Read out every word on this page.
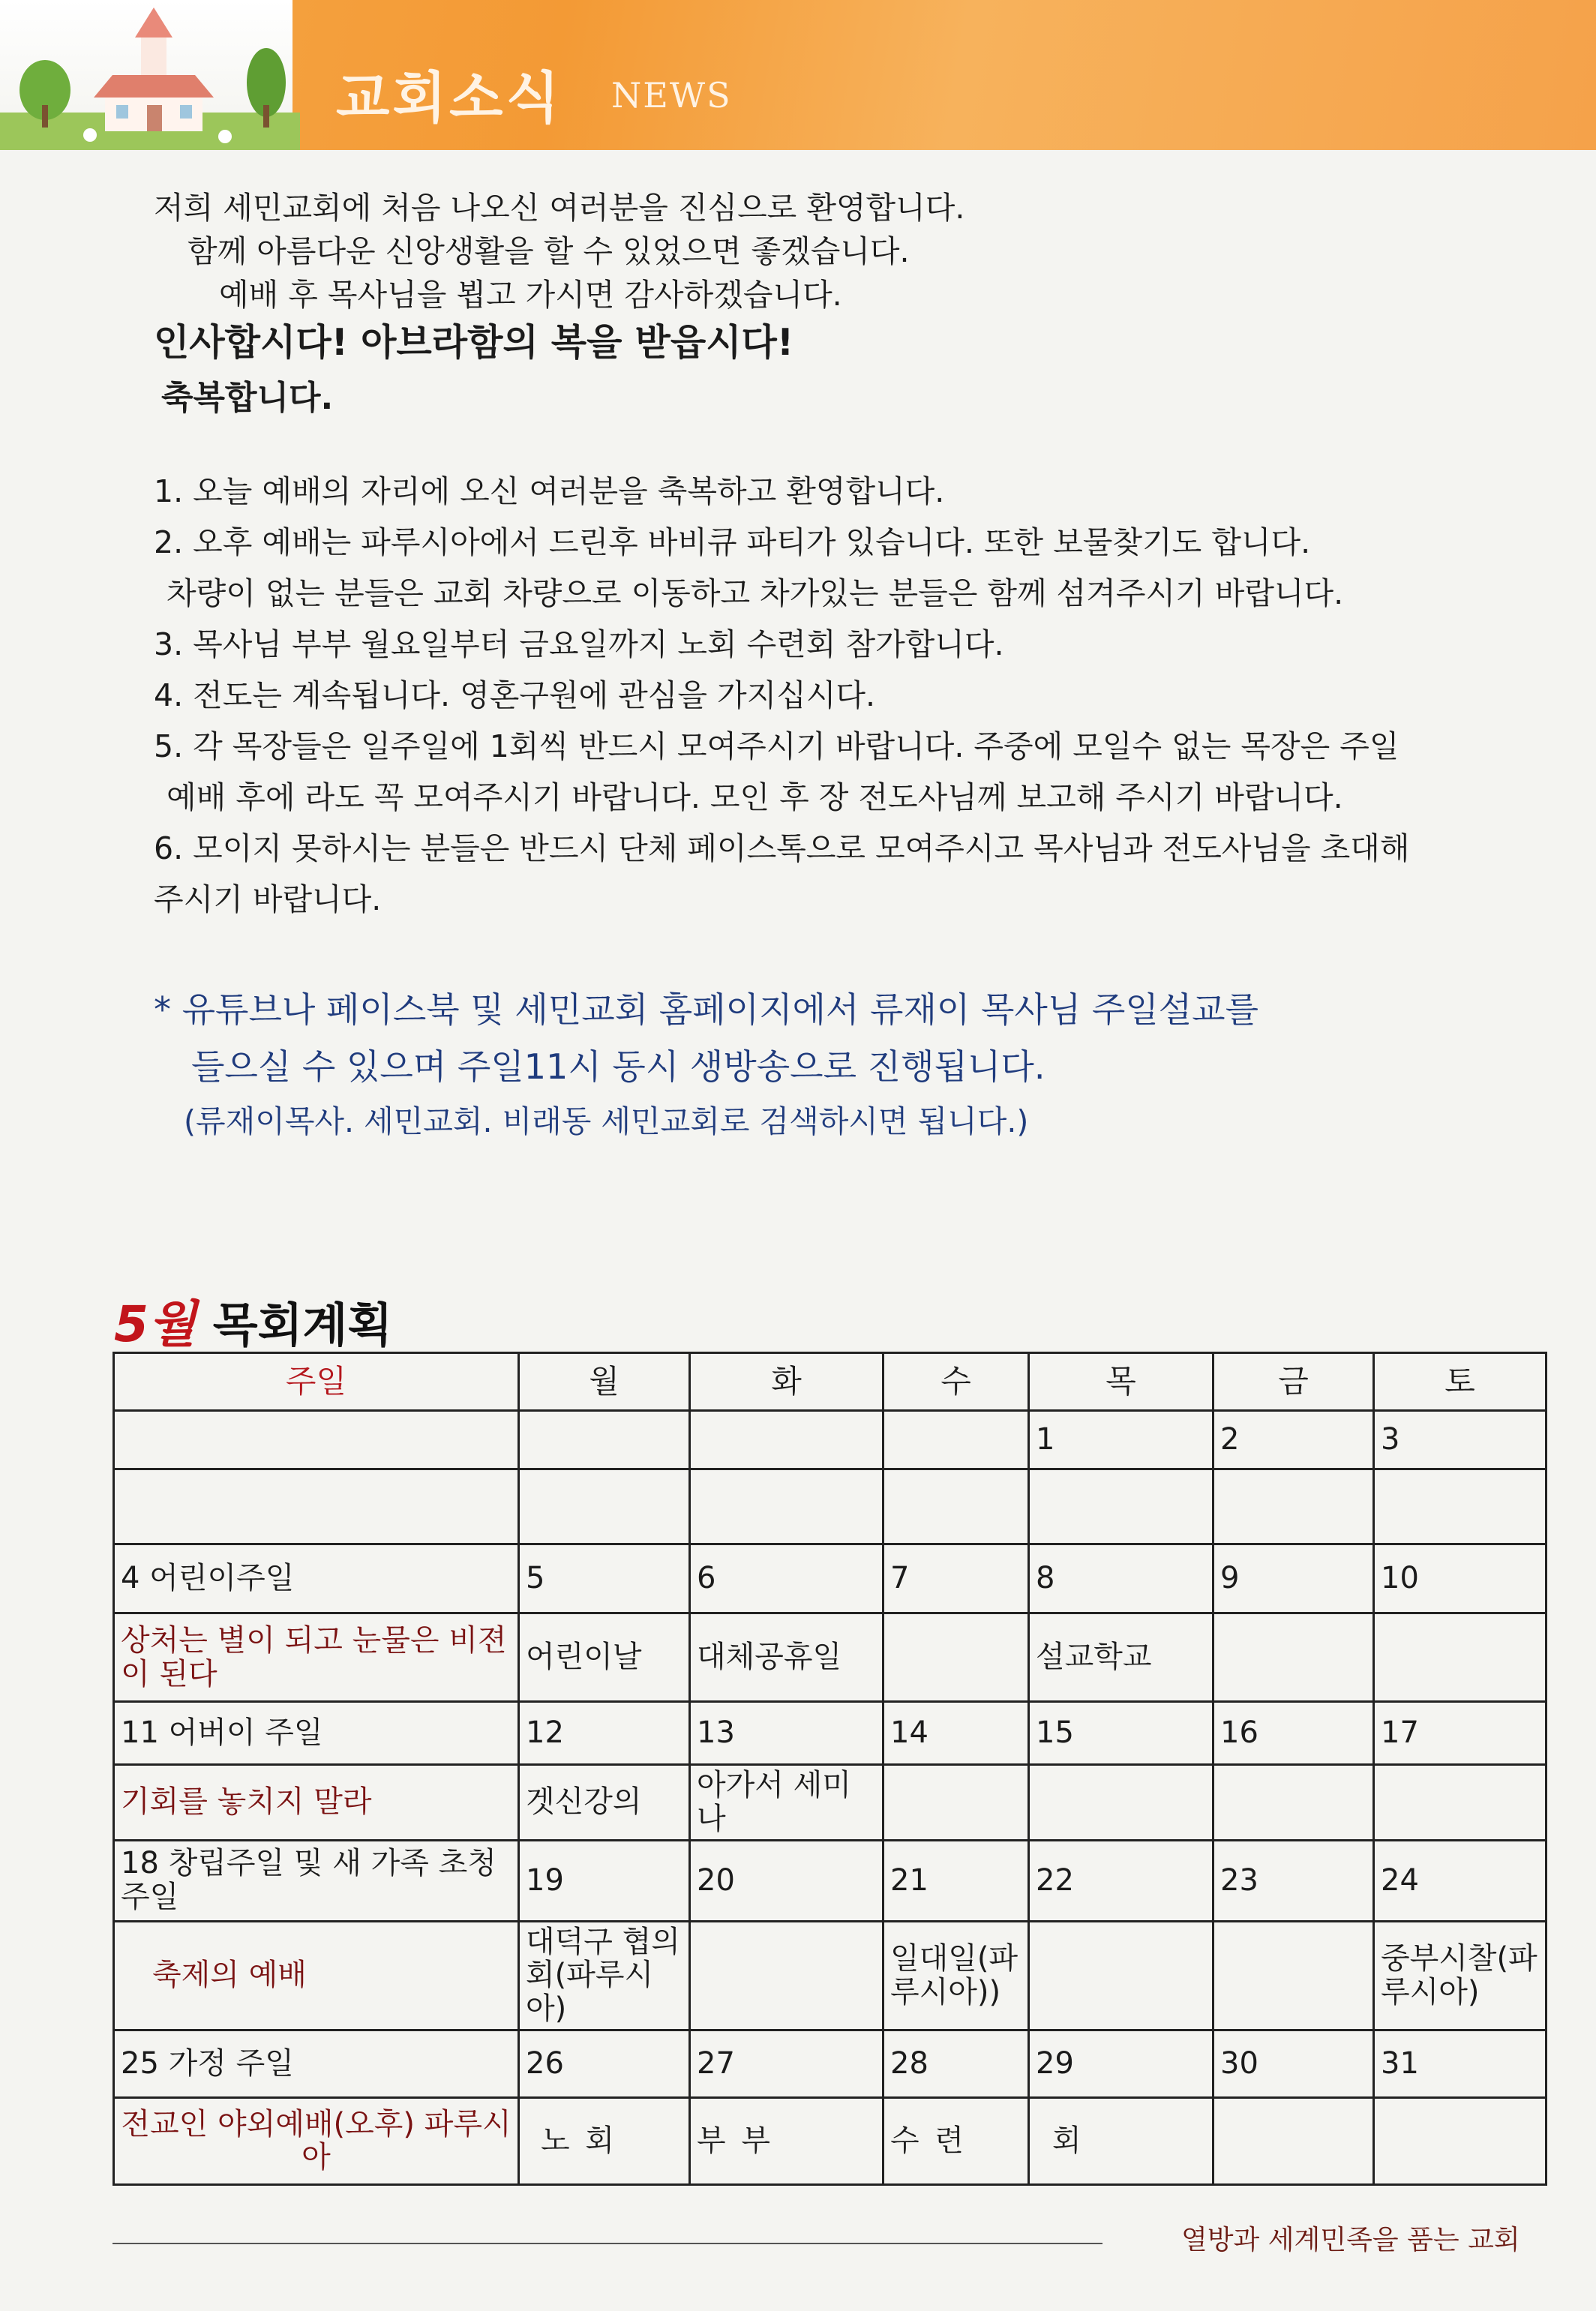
교회소식 NEWS
저희 세민교회에 처음 나오신 여러분을 진심으로 환영합니다.
함께 아름다운 신앙생활을 할 수 있었으면 좋겠습니다.
예배 후 목사님을 뵙고 가시면 감사하겠습니다.
인사합시다! 아브라함의 복을 받읍시다!
축복합니다.
1. 오늘 예배의 자리에 오신 여러분을 축복하고 환영합니다.
2. 오후 예배는 파루시아에서 드린후 바비큐 파티가 있습니다. 또한 보물찾기도 합니다.
차량이 없는 분들은 교회 차량으로 이동하고 차가있는 분들은 함께 섬겨주시기 바랍니다.
3. 목사님 부부 월요일부터 금요일까지 노회 수련회 참가합니다.
4. 전도는 계속됩니다. 영혼구원에 관심을 가지십시다.
5. 각 목장들은 일주일에 1회씩 반드시 모여주시기 바랍니다. 주중에 모일수 없는 목장은 주일
예배 후에 라도 꼭 모여주시기 바랍니다. 모인 후 장 전도사님께 보고해 주시기 바랍니다.
6. 모이지 못하시는 분들은 반드시 단체 페이스톡으로 모여주시고 목사님과 전도사님을 초대해
주시기 바랍니다.
* 유튜브나 페이스북 및 세민교회 홈페이지에서 류재이 목사님 주일설교를
들으실 수 있으며 주일11시 동시 생방송으로 진행됩니다.
(류재이목사. 세민교회. 비래동 세민교회로 검색하시면 됩니다.)
5월 목회계획
주일	월	화	수	목	금	토
				1	2	3

4 어린이주일	5	6	7	8	9	10
상처는 별이 되고 눈물은 비젼이 된다	어린이날	대체공휴일		설교학교		
11 어버이 주일	12	13	14	15	16	17
기회를 놓치지 말라	겟신강의	아가서 세미나				
18 창립주일 및 새 가족 초청주일	19	20	21	22	23	24
축제의 예배	대덕구 협의회(파루시아)		일대일(파루시아))			중부시찰(파루시아)
25 가정 주일	26	27	28	29	30	31
전교인 야외예배(오후) 파루시아	노 회	부 부	수 련	회		
열방과 세계민족을 품는 교회
